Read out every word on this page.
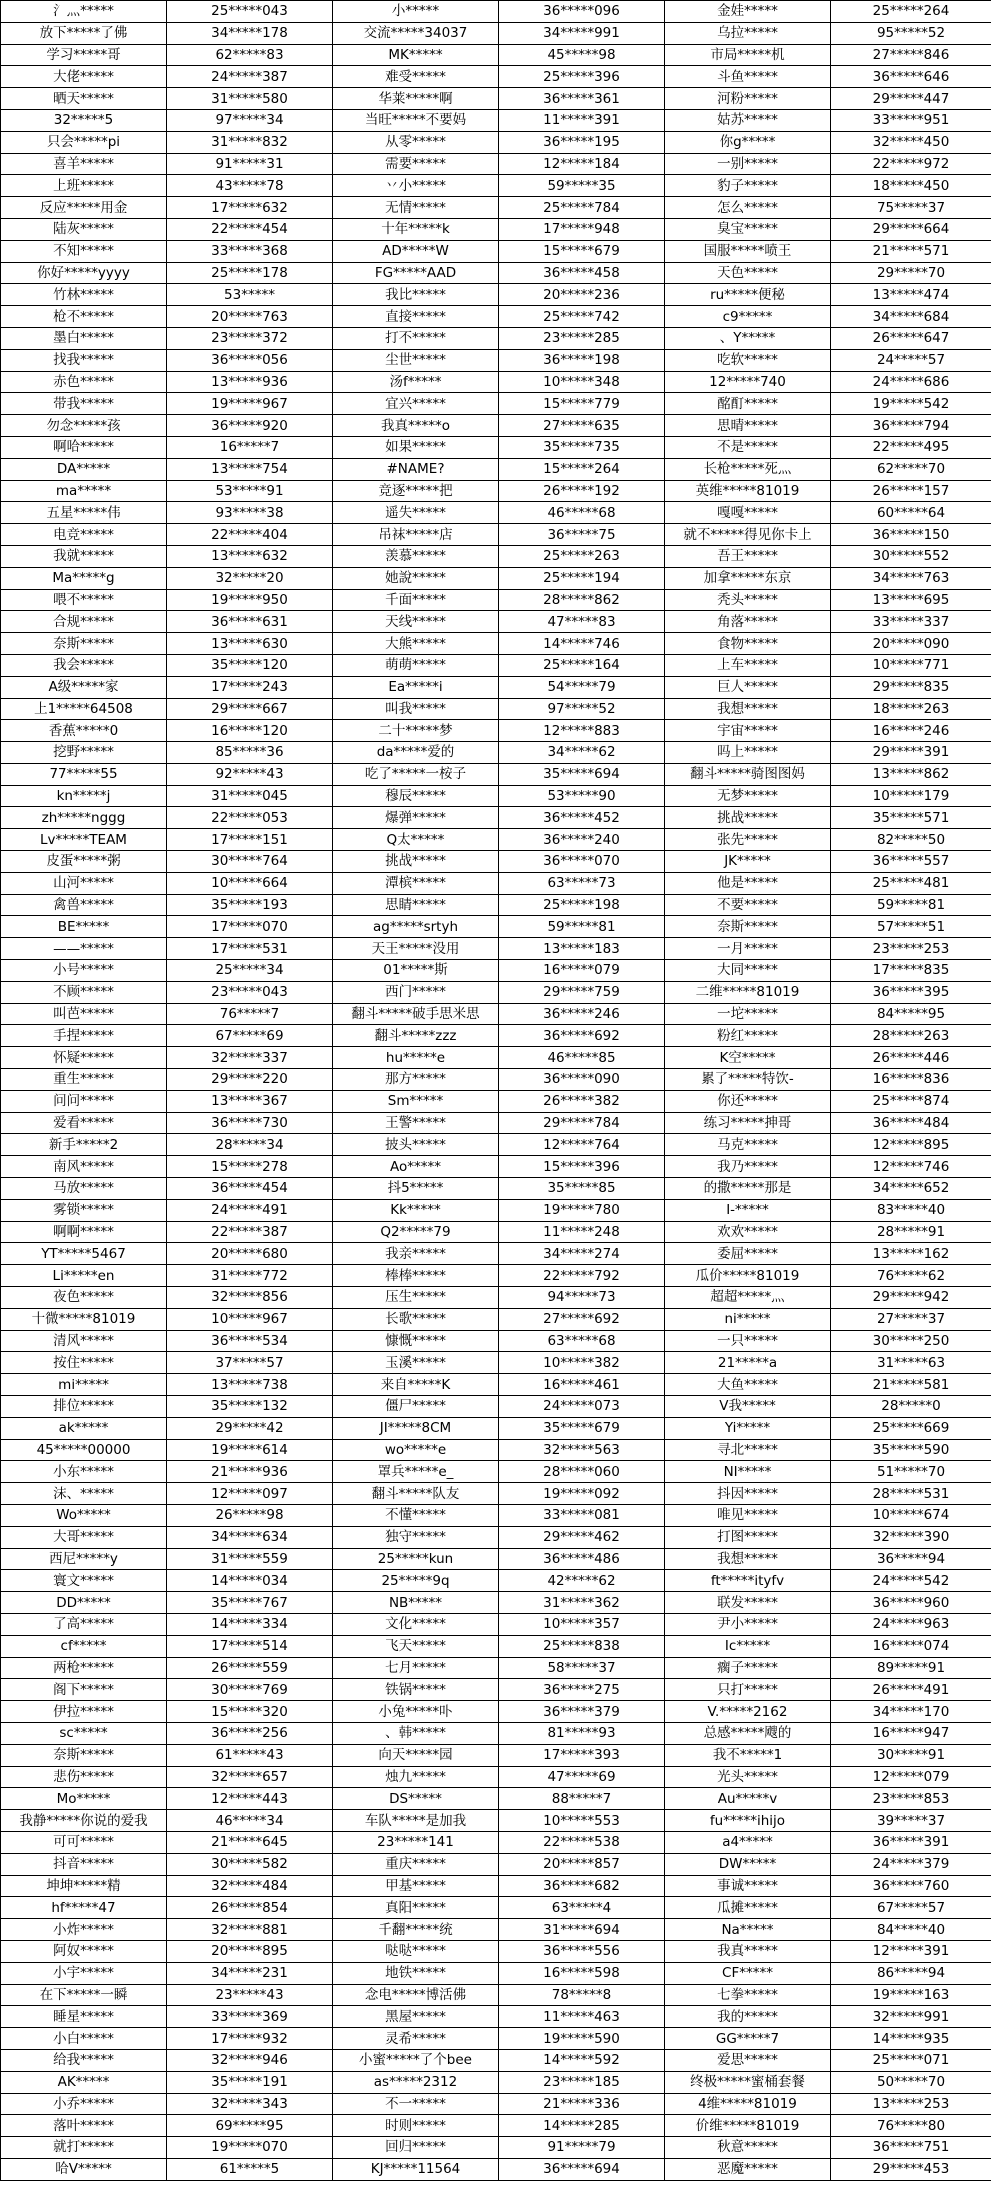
氵灬*****	25*****043	小*****	36*****096	金娃*****	25*****264
放下*****了佛	34*****178	交流*****34037	34*****991	乌拉*****	95*****52
学习*****哥	62*****83	MK*****	45*****98	市局*****机	27*****846
大佬*****	24*****387	难受*****	25*****396	斗鱼*****	36*****646
晒天*****	31*****580	华莱*****啊	36*****361	河粉*****	29*****447
32*****5	97*****34	当旺*****不要妈	11*****391	姑苏*****	33*****951
只会*****pi	31*****832	从零*****	36*****195	你g*****	32*****450
喜羊*****	91*****31	需要*****	12*****184	一别*****	22*****972
上班*****	43*****78	丷小*****	59*****35	豹子*****	18*****450
反应*****用金	17*****632	无情*****	25*****784	怎么*****	75*****37
陆灰*****	22*****454	十年*****k	17*****948	臭宝*****	29*****664
不知*****	33*****368	AD*****W	15*****679	国服*****喷王	21*****571
你好*****yyyy	25*****178	FG*****AAD	36*****458	天色*****	29*****70
竹林*****	53*****	我比*****	20*****236	ru*****便秘	13*****474
枪不*****	20*****763	直接*****	25*****742	c9*****	34*****684
墨白*****	23*****372	打不*****	23*****285	、Y*****	26*****647
找我*****	36*****056	尘世*****	36*****198	吃软*****	24*****57
赤色*****	13*****936	汤f*****	10*****348	12*****740	24*****686
带我*****	19*****967	宜兴*****	15*****779	酩酊*****	19*****542
勿念*****孩	36*****920	我真*****o	27*****635	思晴*****	36*****794
啊哈*****	16*****7	如果*****	35*****735	不是*****	22*****495
DA*****	13*****754	#NAME?	15*****264	长枪*****死灬	62*****70
ma*****	53*****91	竞逐*****把	26*****192	英维*****81019	26*****157
五星*****伟	93*****38	遥失*****	46*****68	嘎嘎*****	60*****64
电竞*****	22*****404	吊袜*****店	36*****75	就不*****得见你卡上	36*****150
我就*****	13*****632	羡慕*****	25*****263	吾王*****	30*****552
Ma*****g	32*****20	她說*****	25*****194	加拿*****东京	34*****763
喂不*****	19*****950	千面*****	28*****862	秃头*****	13*****695
合规*****	36*****631	天线*****	47*****83	角落*****	33*****337
奈斯*****	13*****630	大熊*****	14*****746	食物*****	20*****090
我会*****	35*****120	萌萌*****	25*****164	上车*****	10*****771
A级*****家	17*****243	Ea*****i	54*****79	巨人*****	29*****835
上1*****64508	29*****667	叫我*****	97*****52	我想*****	18*****263
香蕉*****0	16*****120	二十*****梦	12*****883	宇宙*****	16*****246
挖野*****	85*****36	da*****爱的	34*****62	吗上*****	29*****391
77*****55	92*****43	吃了*****一桉子	35*****694	翻斗*****骑图图妈	13*****862
kn*****j	31*****045	穆辰*****	53*****90	无梦*****	10*****179
zh*****nggg	22*****053	爆弹*****	36*****452	挑战*****	35*****571
Lv*****TEAM	17*****151	Q太*****	36*****240	张先*****	82*****50
皮蛋*****粥	30*****764	挑战*****	36*****070	JK*****	36*****557
山河*****	10*****664	潭槟*****	63*****73	他是*****	25*****481
禽兽*****	35*****193	思睛*****	25*****198	不要*****	59*****81
BE*****	17*****070	ag*****srtyh	59*****81	奈斯*****	57*****51
——*****	17*****531	天王*****没用	13*****183	一月*****	23*****253
小号*****	25*****34	01*****斯	16*****079	大同*****	17*****835
不顾*****	23*****043	西门*****	29*****759	二维*****81019	36*****395
叫芭*****	76*****7	翻斗*****破手思米思	36*****246	一坨*****	84*****95
手捏*****	67*****69	翻斗*****zzz	36*****692	粉红*****	28*****263
怀疑*****	32*****337	hu*****e	46*****85	K空*****	26*****446
重生*****	29*****220	那方*****	36*****090	累了*****特饮-	16*****836
问问*****	13*****367	Sm*****	26*****382	你还*****	25*****874
爱看*****	36*****730	王警*****	29*****784	练习*****抻哥	36*****484
新手*****2	28*****34	披头*****	12*****764	马克*****	12*****895
南风*****	15*****278	Ao*****	15*****396	我乃*****	12*****746
马放*****	36*****454	抖5*****	35*****85	的撒*****那是	34*****652
雾锁*****	24*****491	Kk*****	19*****780	I-*****	83*****40
啊啊*****	22*****387	Q2*****79	11*****248	欢欢*****	28*****91
YT*****5467	20*****680	我亲*****	34*****274	委屈*****	13*****162
Li*****en	31*****772	棒棒*****	22*****792	瓜价*****81019	76*****62
夜色*****	32*****856	压生*****	94*****73	超超*****灬	29*****942
十微*****81019	10*****967	长歌*****	27*****692	ni*****	27*****37
清风*****	36*****534	慷慨*****	63*****68	一只*****	30*****250
按住*****	37*****57	玉溪*****	10*****382	21*****a	31*****63
mi*****	13*****738	来自*****K	16*****461	大鱼*****	21*****581
排位*****	35*****132	僵尸*****	24*****073	V我*****	28*****0
ak*****	29*****42	JI*****8CM	35*****679	Yi*****	25*****669
45*****00000	19*****614	wo*****e	32*****563	寻北*****	35*****590
小东*****	21*****936	罩兵*****e_	28*****060	NI*****	51*****70
沫、*****	12*****097	翻斗*****队友	19*****092	抖因*****	28*****531
Wo*****	26*****98	不懂*****	33*****081	唯见*****	10*****674
大哥*****	34*****634	独守*****	29*****462	打图*****	32*****390
西尼*****y	31*****559	25*****kun	36*****486	我想*****	36*****94
寰文*****	14*****034	25*****9q	42*****62	ft*****ityfv	24*****542
DD*****	35*****767	NB*****	31*****362	联发*****	36*****960
了高*****	14*****334	文化*****	10*****357	尹小*****	24*****963
cf*****	17*****514	飞天*****	25*****838	Ic*****	16*****074
两枪*****	26*****559	七月*****	58*****37	瘸子*****	89*****91
阁下*****	30*****769	铁锅*****	36*****275	只打*****	26*****491
伊拉*****	15*****320	小兔*****卟	36*****379	V.*****2162	34*****170
sc*****	36*****256	、韩*****	81*****93	总感*****飕的	16*****947
奈斯*****	61*****43	向天*****园	17*****393	我不*****1	30*****91
悲伤*****	32*****657	烛九*****	47*****69	光头*****	12*****079
Mo*****	12*****443	DS*****	88*****7	Au*****v	23*****853
我静*****你说的爱我	46*****34	车队*****是加我	10*****553	fu*****ihijo	39*****37
可可*****	21*****645	23*****141	22*****538	a4*****	36*****391
抖音*****	30*****582	重庆*****	20*****857	DW*****	24*****379
坤坤*****精	32*****484	甲基*****	36*****682	事诚*****	36*****760
hf*****47	26*****854	真阳*****	63*****4	瓜摊*****	67*****57
小炸*****	32*****881	千翻*****统	31*****694	Na*****	84*****40
阿奴*****	20*****895	哒哒*****	36*****556	我真*****	12*****391
小宇*****	34*****231	地铁*****	16*****598	CF*****	86*****94
在下*****一瞬	23*****43	念电*****博活佛	78*****8	七拳*****	19*****163
睡星*****	33*****369	黑屋*****	11*****463	我的*****	32*****991
小白*****	17*****932	灵希*****	19*****590	GG*****7	14*****935
给我*****	32*****946	小蜜*****了个bee	14*****592	爱思*****	25*****071
AK*****	35*****191	as*****2312	23*****185	终极*****蜜桶套餐	50*****70
小乔*****	32*****343	不一*****	21*****336	4维*****81019	13*****253
落叶*****	69*****95	时则*****	14*****285	价维*****81019	76*****80
就打*****	19*****070	回归*****	91*****79	秋意*****	36*****751
哈V*****	61*****5	KJ*****11564	36*****694	恶魔*****	29*****453
